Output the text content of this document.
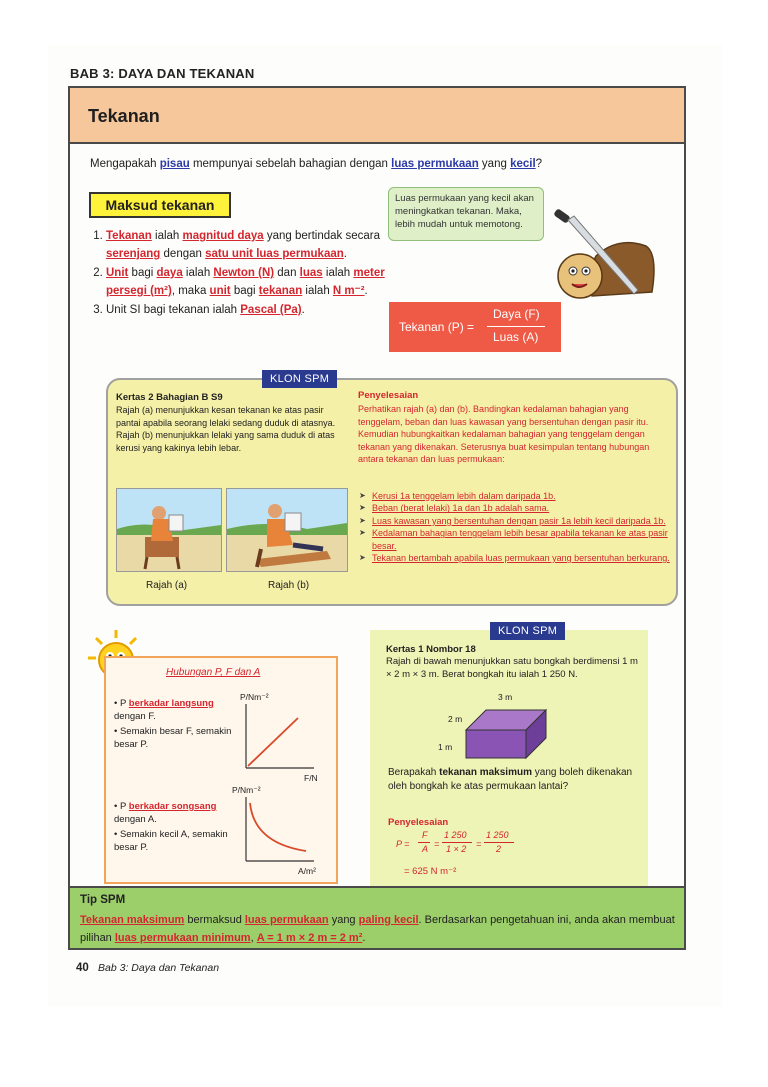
BAB 3: DAYA DAN TEKANAN
Tekanan
Mengapakah pisau mempunyai sebelah bahagian dengan luas permukaan yang kecil?
Maksud tekanan	Luas permukaan yang kecil akan meningkatkan tekanan. Maka, lebih mudah untuk memotong.
1. Tekanan ialah magnitud daya yang bertindak secara serenjang dengan satu unit luas permukaan.
2. Unit bagi daya ialah Newton (N) dan luas ialah meter persegi (m²), maka unit bagi tekanan ialah N m⁻².
3. Unit SI bagi tekanan ialah Pascal (Pa).
Tekanan (P) =
Daya (F)
Luas (A)
KLON SPM
Kertas 2 Bahagian B S9
Rajah (a) menunjukkan kesan tekanan ke atas pasir pantai apabila seorang lelaki sedang duduk di atasnya. Rajah (b) menunjukkan lelaki yang sama duduk di atas kerusi yang kakinya lebih lebar.
Rajah (a)	Rajah (b)
Penyelesaian
Perhatikan rajah (a) dan (b). Bandingkan kedalaman bahagian yang tenggelam, beban dan luas kawasan yang bersentuhan dengan pasir itu. Kemudian hubungkaitkan kedalaman bahagian yang tenggelam dengan tekanan yang dikenakan. Seterusnya buat kesimpulan tentang hubungan antara tekanan dan luas permukaan:
➤ Kerusi 1a tenggelam lebih dalam daripada 1b.
➤ Beban (berat lelaki) 1a dan 1b adalah sama.
➤ Luas kawasan yang bersentuhan dengan pasir 1a lebih kecil daripada 1b.
➤ Kedalaman bahagian tenggelam lebih besar apabila tekanan ke atas pasir besar.
➤ Tekanan bertambah apabila luas permukaan yang bersentuhan berkurang.
Hubungan P, F dan A
• P berkadar langsung dengan F.
• Semakin besar F, semakin besar P.
P/Nm⁻²
F/N
• P berkadar songsang dengan A.
• Semakin kecil A, semakin besar P.
P/Nm⁻²
A/m²
KLON SPM
Kertas 1 Nombor 18
Rajah di bawah menunjukkan satu bongkah berdimensi 1 m × 2 m × 3 m. Berat bongkah itu ialah 1 250 N.
3 m
2 m
1 m
Berapakah tekanan maksimum yang boleh dikenakan oleh bongkah ke atas permukaan lantai?
Penyelesaian
P =
F
A =
1 250
1 × 2 =
1 250
2
= 625 N m⁻²
Tip SPM
Tekanan maksimum bermaksud luas permukaan yang paling kecil. Berdasarkan pengetahuan ini, anda akan membuat pilihan luas permukaan minimum, A = 1 m × 2 m = 2 m².
40 Bab 3: Daya dan Tekanan
